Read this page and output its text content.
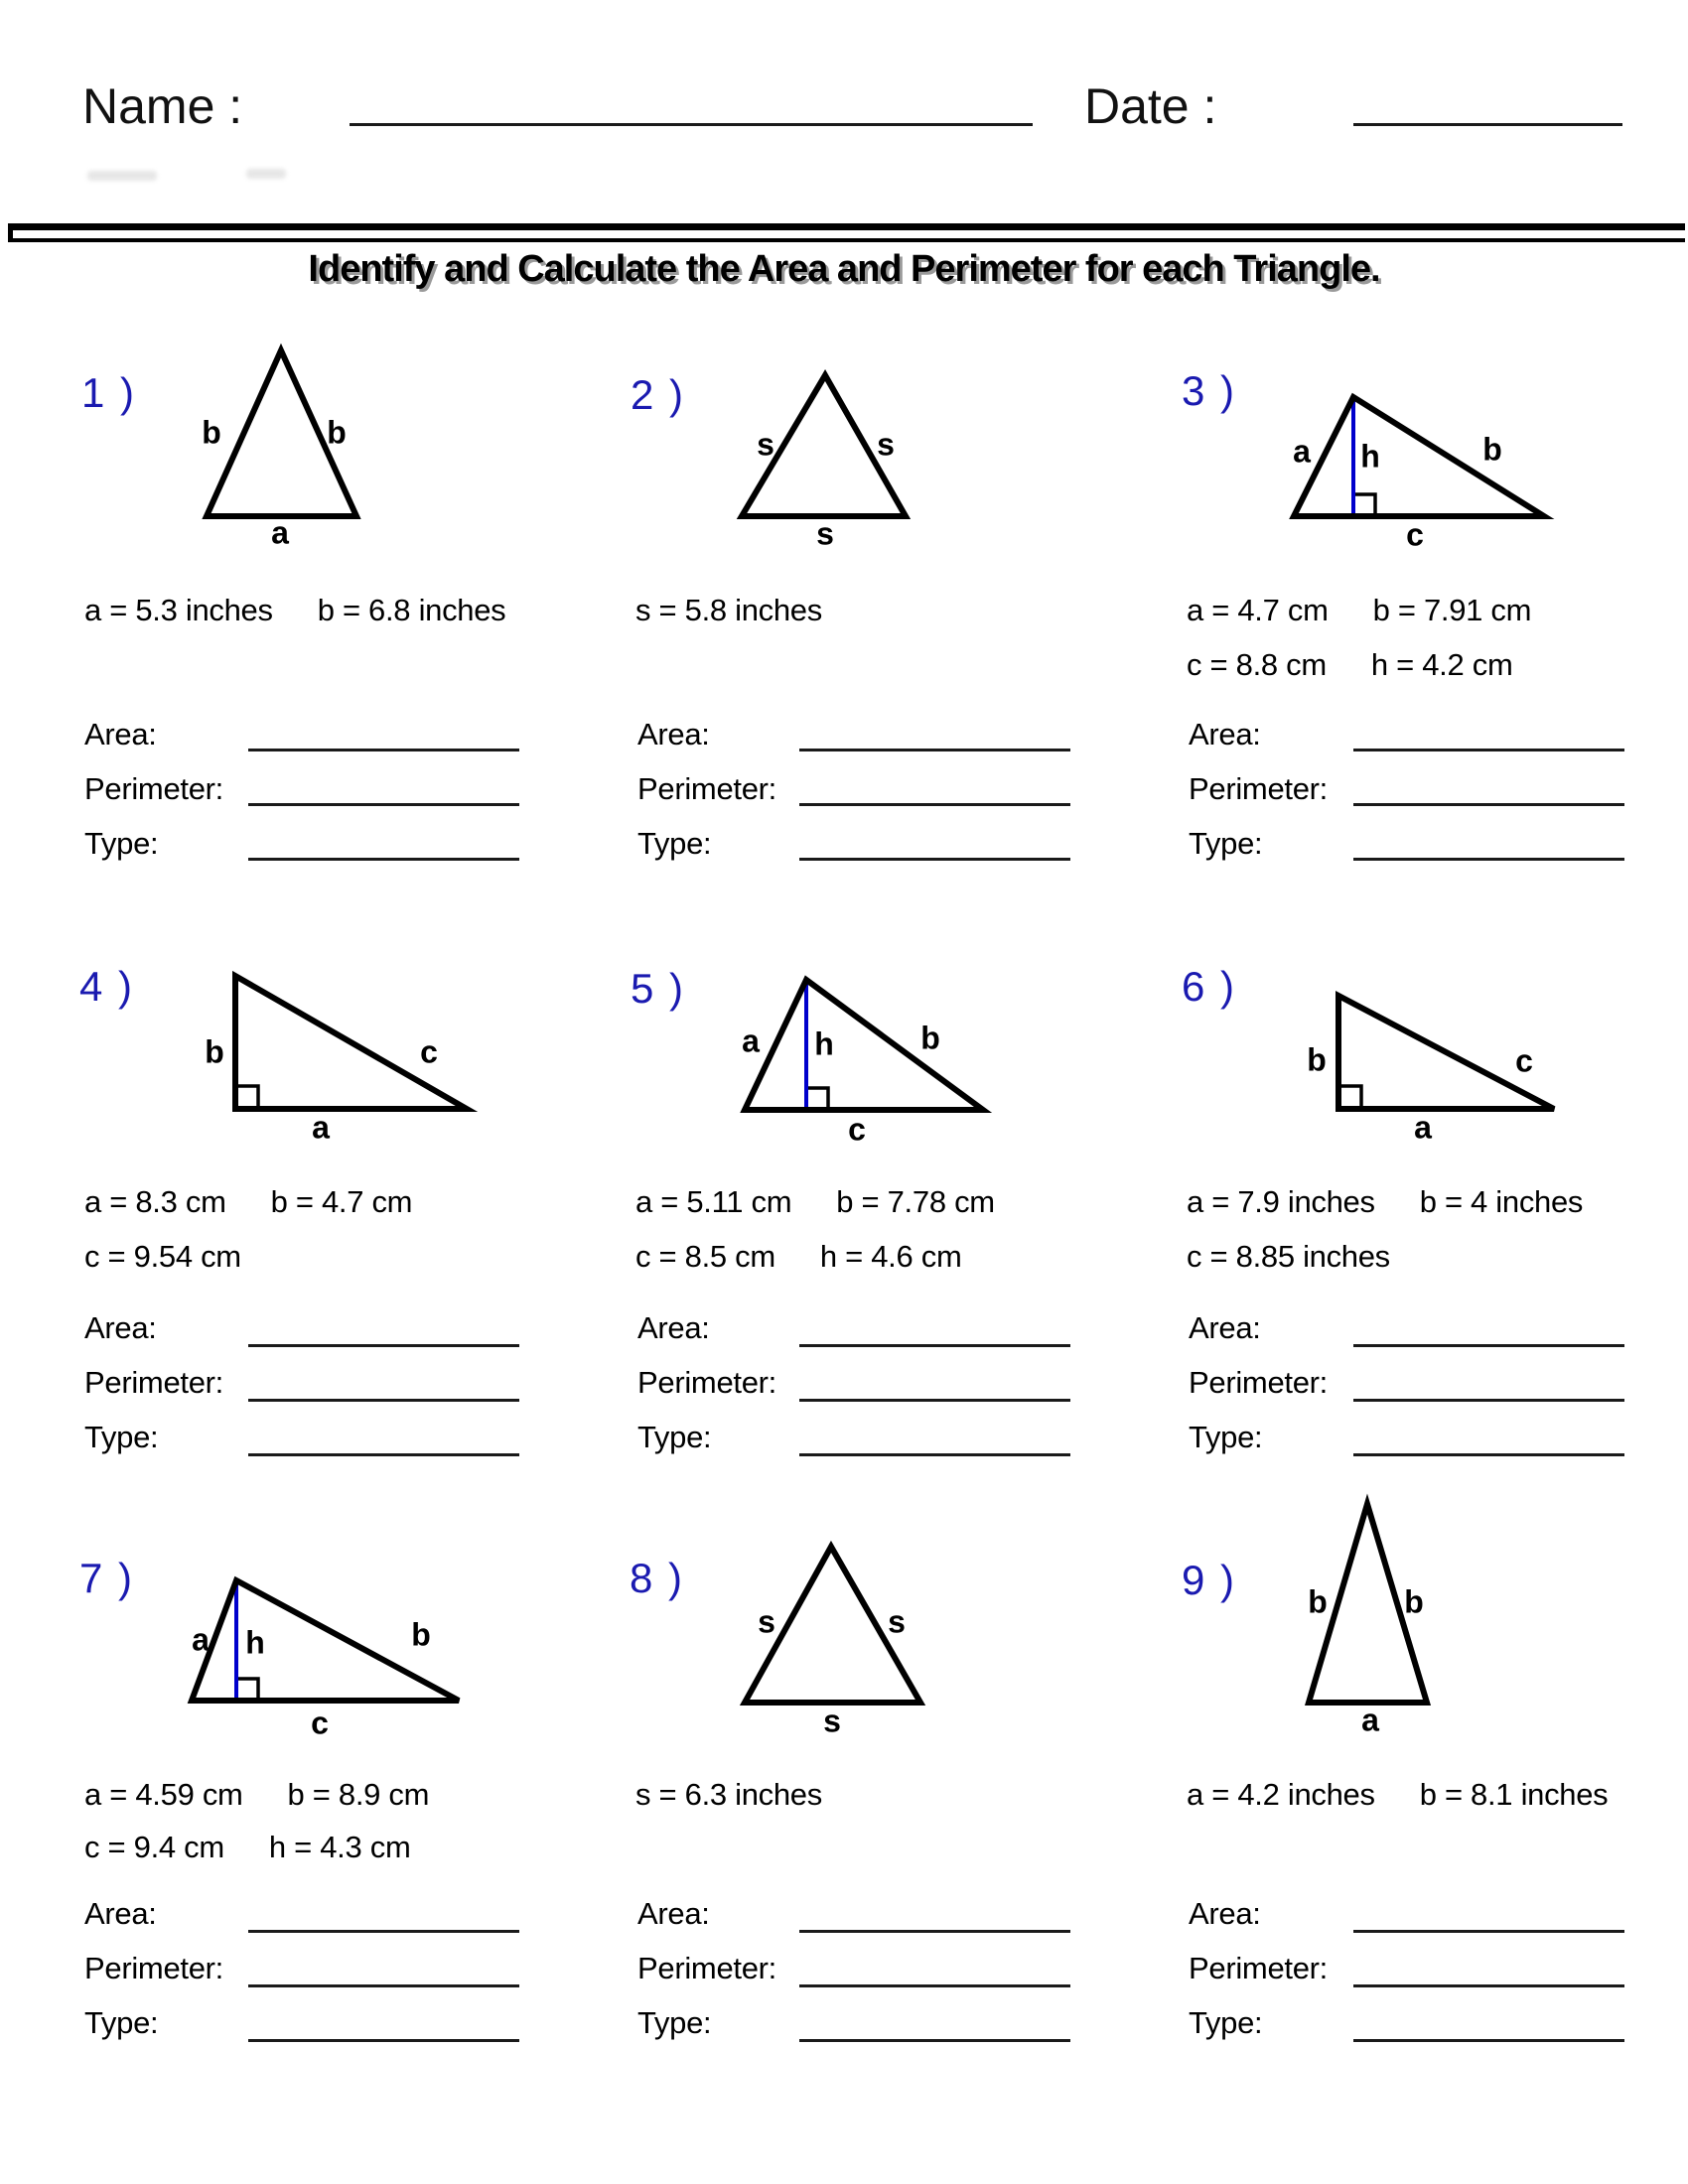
Name :	Date :
Identify and Calculate the Area and Perimeter for each Triangle.
1 )
b	b
a
a = 5.3 inches b = 6.8 inches
2 )
s	s
s
s = 5.8 inches
3 )
a h	b
c
a = 4.7 cm b = 7.91 cm
c = 8.8 cm h = 4.2 cm
Area:
Perimeter:
Type:
Area:
Perimeter:
Type:
Area:
Perimeter:
Type:
4 )
b	c
a
a = 8.3 cm b = 4.7 cm
c = 9.54 cm
5 )
a h	b
c
a = 5.11 cm b = 7.78 cm
c = 8.5 cm h = 4.6 cm
6 )
b	c
a
a = 7.9 inches b = 4 inches
c = 8.85 inches
Area:
Perimeter:
Type:
Area:
Perimeter:
Type:
Area:
Perimeter:
Type:
7 )
a h	b
c
a = 4.59 cm b = 8.9 cm
c = 9.4 cm h = 4.3 cm
8 )
s	s
s
s = 6.3 inches
9 ) b b
a
a = 4.2 inches b = 8.1 inches
Area:
Perimeter:
Type:
Area:
Perimeter:
Type:
Area:
Perimeter:
Type:
